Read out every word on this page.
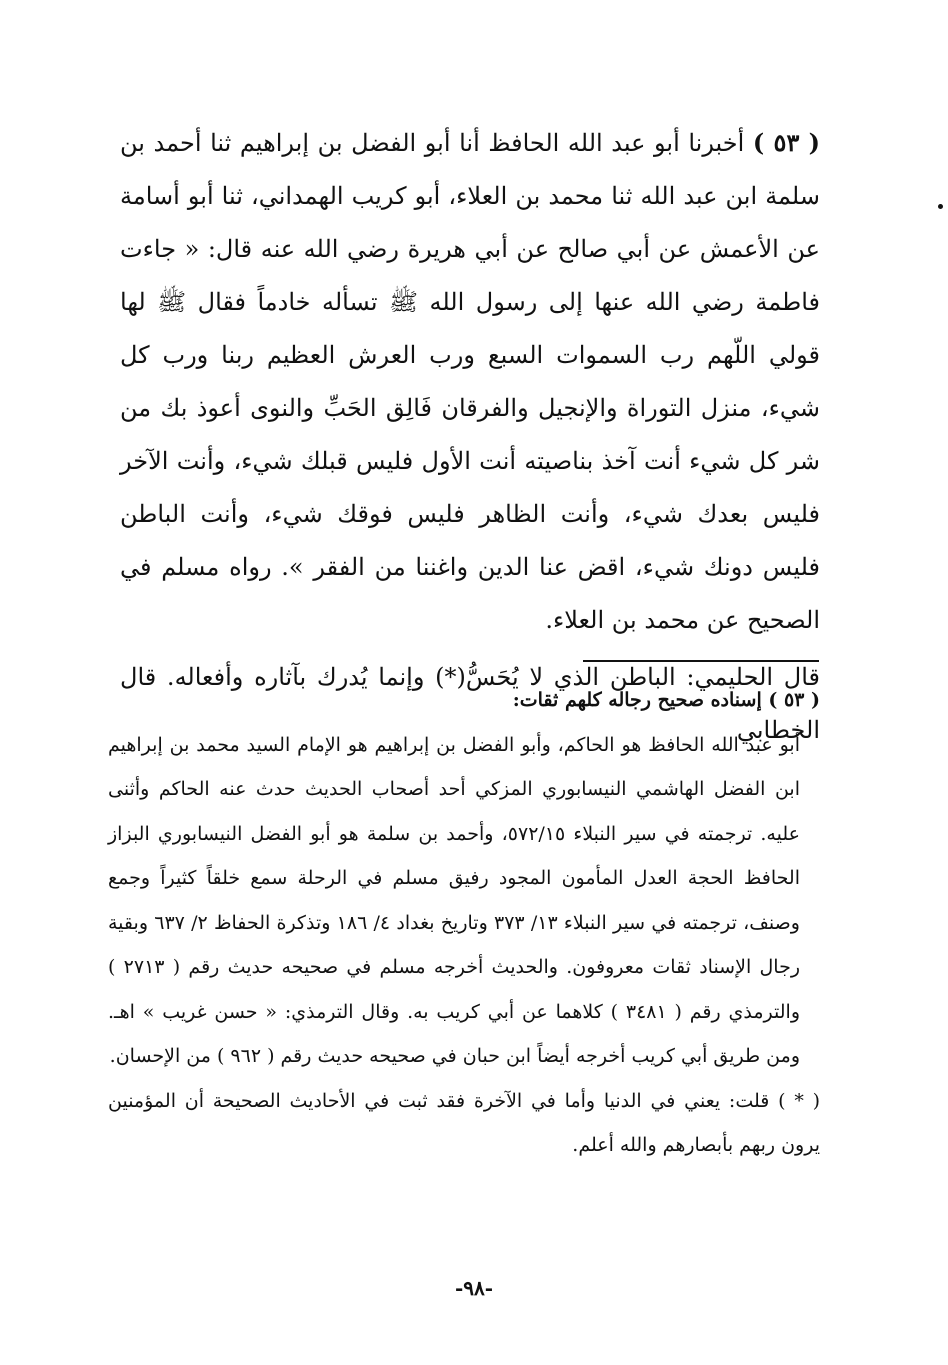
( ٥٣ ) أخبرنا أبو عبد الله الحافظ أنا أبو الفضل بن إبراهيم ثنا أحمد بن سلمة ابن عبد الله ثنا محمد بن العلاء، أبو كريب الهمداني، ثنا أبو أسامة عن الأعمش عن أبي صالح عن أبي هريرة رضي الله عنه قال: « جاءت فاطمة رضي الله عنها إلى رسول الله ﷺ تسأله خادماً فقال ﷺ لها قولي اللّهم رب السموات السبع ورب العرش العظيم ربنا ورب كل شيء، منزل التوراة والإنجيل والفرقان فَالِق الحَبِّ والنوى أعوذ بك من شر كل شيء أنت آخذ بناصيته أنت الأول فليس قبلك شيء، وأنت الآخر فليس بعدك شيء، وأنت الظاهر فليس فوقك شيء، وأنت الباطن فليس دونك شيء، اقض عنا الدين واغننا من الفقر ». رواه مسلم في الصحيح عن محمد بن العلاء.

قال الحليمي: الباطن الذي لا يُحَسُّ(*) وإنما يُدرك بآثاره وأفعاله. قال الخطابي

( ٥٣ ) إسناده صحيح رجاله كلهم ثقات:

أبو عبد الله الحافظ هو الحاكم، وأبو الفضل بن إبراهيم هو الإمام السيد محمد بن إبراهيم ابن الفضل الهاشمي النيسابوري المزكي أحد أصحاب الحديث حدث عنه الحاكم وأثنى عليه. ترجمته في سير النبلاء ٥٧٢/١٥، وأحمد بن سلمة هو أبو الفضل النيسابوري البزاز الحافظ الحجة العدل المأمون المجود رفيق مسلم في الرحلة سمع خلقاً كثيراً وجمع وصنف، ترجمته في سير النبلاء ١٣/ ٣٧٣ وتاريخ بغداد ٤/ ١٨٦ وتذكرة الحفاظ ٢/ ٦٣٧ وبقية رجال الإسناد ثقات معروفون. والحديث أخرجه مسلم في صحيحه حديث رقم ( ٢٧١٣ ) والترمذي رقم ( ٣٤٨١ ) كلاهما عن أبي كريب به. وقال الترمذي: « حسن غريب » اهـ. ومن طريق أبي كريب أخرجه أيضاً ابن حبان في صحيحه حديث رقم ( ٩٦٢ ) من الإحسان.

( * ) قلت: يعني في الدنيا وأما في الآخرة فقد ثبت في الأحاديث الصحيحة أن المؤمنين يرون ربهم بأبصارهم والله أعلم.

-٩٨-
